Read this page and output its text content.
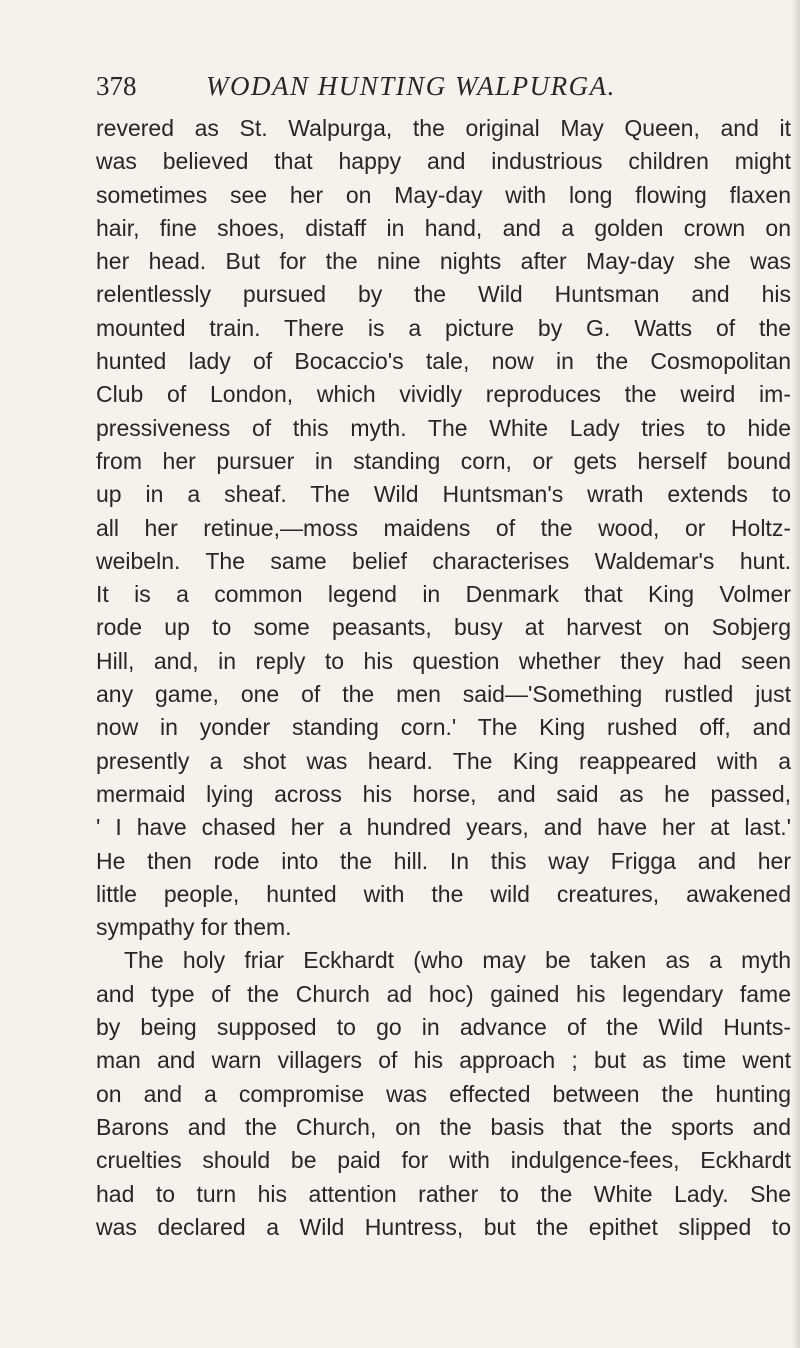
378	WODAN HUNTING WALPURGA.
revered as St. Walpurga, the original May Queen, and it
was believed that happy and industrious children might
sometimes see her on May-day with long flowing flaxen
hair, fine shoes, distaff in hand, and a golden crown on
her head. But for the nine nights after May-day she was
relentlessly pursued by the Wild Huntsman and his
mounted train. There is a picture by G. Watts of the
hunted lady of Bocaccio's tale, now in the Cosmopolitan
Club of London, which vividly reproduces the weird im-
pressiveness of this myth. The White Lady tries to hide
from her pursuer in standing corn, or gets herself bound
up in a sheaf. The Wild Huntsman's wrath extends to
all her retinue,—moss maidens of the wood, or Holtz-
weibeln. The same belief characterises Waldemar's hunt.
It is a common legend in Denmark that King Volmer
rode up to some peasants, busy at harvest on Sobjerg
Hill, and, in reply to his question whether they had seen
any game, one of the men said—'Something rustled just
now in yonder standing corn.' The King rushed off, and
presently a shot was heard. The King reappeared with a
mermaid lying across his horse, and said as he passed,
' I have chased her a hundred years, and have her at last.'
He then rode into the hill. In this way Frigga and her
little people, hunted with the wild creatures, awakened
sympathy for them.
The holy friar Eckhardt (who may be taken as a myth
and type of the Church ad hoc) gained his legendary fame
by being supposed to go in advance of the Wild Hunts-
man and warn villagers of his approach ; but as time went
on and a compromise was effected between the hunting
Barons and the Church, on the basis that the sports and
cruelties should be paid for with indulgence-fees, Eckhardt
had to turn his attention rather to the White Lady. She
was declared a Wild Huntress, but the epithet slipped to
